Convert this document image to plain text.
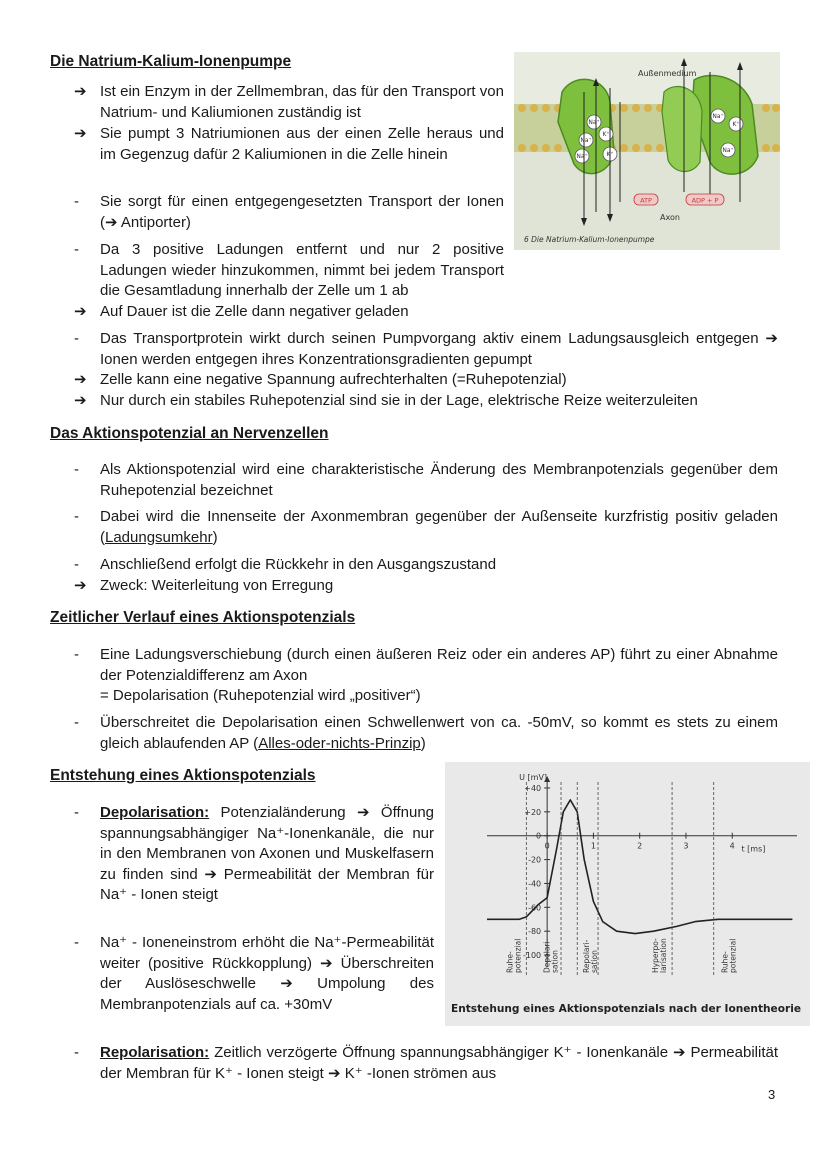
Die Natrium-Kalium-Ionenpumpe
➔ Ist ein Enzym in der Zellmembran, das für den Transport von Natrium- und Kaliumionen zuständig ist
➔ Sie pumpt 3 Natriumionen aus der einen Zelle heraus und im Gegenzug dafür 2 Kaliumionen in die Zelle hinein
-	Sie sorgt für einen entgegengesetzten Transport der Ionen (➔ Antiporter)
-	Da 3 positive Ladungen entfernt und nur 2 positive Ladungen wieder hinzukommen, nimmt bei jedem Transport die Gesamtladung innerhalb der Zelle um 1 ab
➔ Auf Dauer ist die Zelle dann negativer geladen
-	Das Transportprotein wirkt durch seinen Pumpvorgang aktiv einem Ladungsausgleich entgegen ➔ Ionen werden entgegen ihres Konzentrationsgradienten gepumpt
➔ Zelle kann eine negative Spannung aufrechterhalten (=Ruhepotenzial)
➔ Nur durch ein stabiles Ruhepotenzial sind sie in der Lage, elektrische Reize weiterzuleiten
Na⁺
K⁺
Na⁺
K⁺
Na⁺
Na⁺
K⁺
Na⁺
Außenmedium
ATP	ADP + P
Axon
6 Die Natrium-Kalium-Ionenpumpe
Das Aktionspotenzial an Nervenzellen
-	Als Aktionspotenzial wird eine charakteristische Änderung des Membranpotenzials gegenüber dem Ruhepotenzial bezeichnet
-	Dabei wird die Innenseite der Axonmembran gegenüber der Außenseite kurzfristig positiv geladen (Ladungsumkehr)
-	Anschließend erfolgt die Rückkehr in den Ausgangszustand
➔ Zweck: Weiterleitung von Erregung
Zeitlicher Verlauf eines Aktionspotenzials
-	Eine Ladungsverschiebung (durch einen äußeren Reiz oder ein anderes AP) führt zu einer Abnahme der Potenzialdifferenz am Axon
= Depolarisation (Ruhepotenzial wird „positiver“)
-	Überschreitet die Depolarisation einen Schwellenwert von ca. -50mV, so kommt es stets zu einem gleich ablaufenden AP (Alles-oder-nichts-Prinzip)
Entstehung eines Aktionspotenzials
-	Depolarisation: Potenzialänderung ➔ Öffnung spannungsabhängiger Na⁺-Ionenkanäle, die nur in den Membranen von Axonen und Muskelfasern zu finden sind ➔ Permeabilität der Membran für Na⁺ - Ionen steigt
-	Na⁺ - Ioneneinstrom erhöht die Na⁺-Permeabilität weiter (positive Rückkopplung) ➔ Überschreiten der Auslöseschwelle ➔ Umpolung des Membranpotenzials auf ca. +30mV
-	Repolarisation: Zeitlich verzögerte Öffnung spannungsabhängiger K⁺ - Ionenkanäle ➔ Permeabilität der Membran für K⁺ - Ionen steigt ➔ K⁺ -Ionen strömen aus
U [mV]
t [ms]
+40
+20
0
-20
-40
-60
-80
-100
0	1	2	3	4
Ruhe-potenzial	Depolari-sation	Repolari-sation	Hyperpo-larisation	Ruhe-potenzial
Entstehung eines Aktionspotenzials nach der Ionentheorie
3
